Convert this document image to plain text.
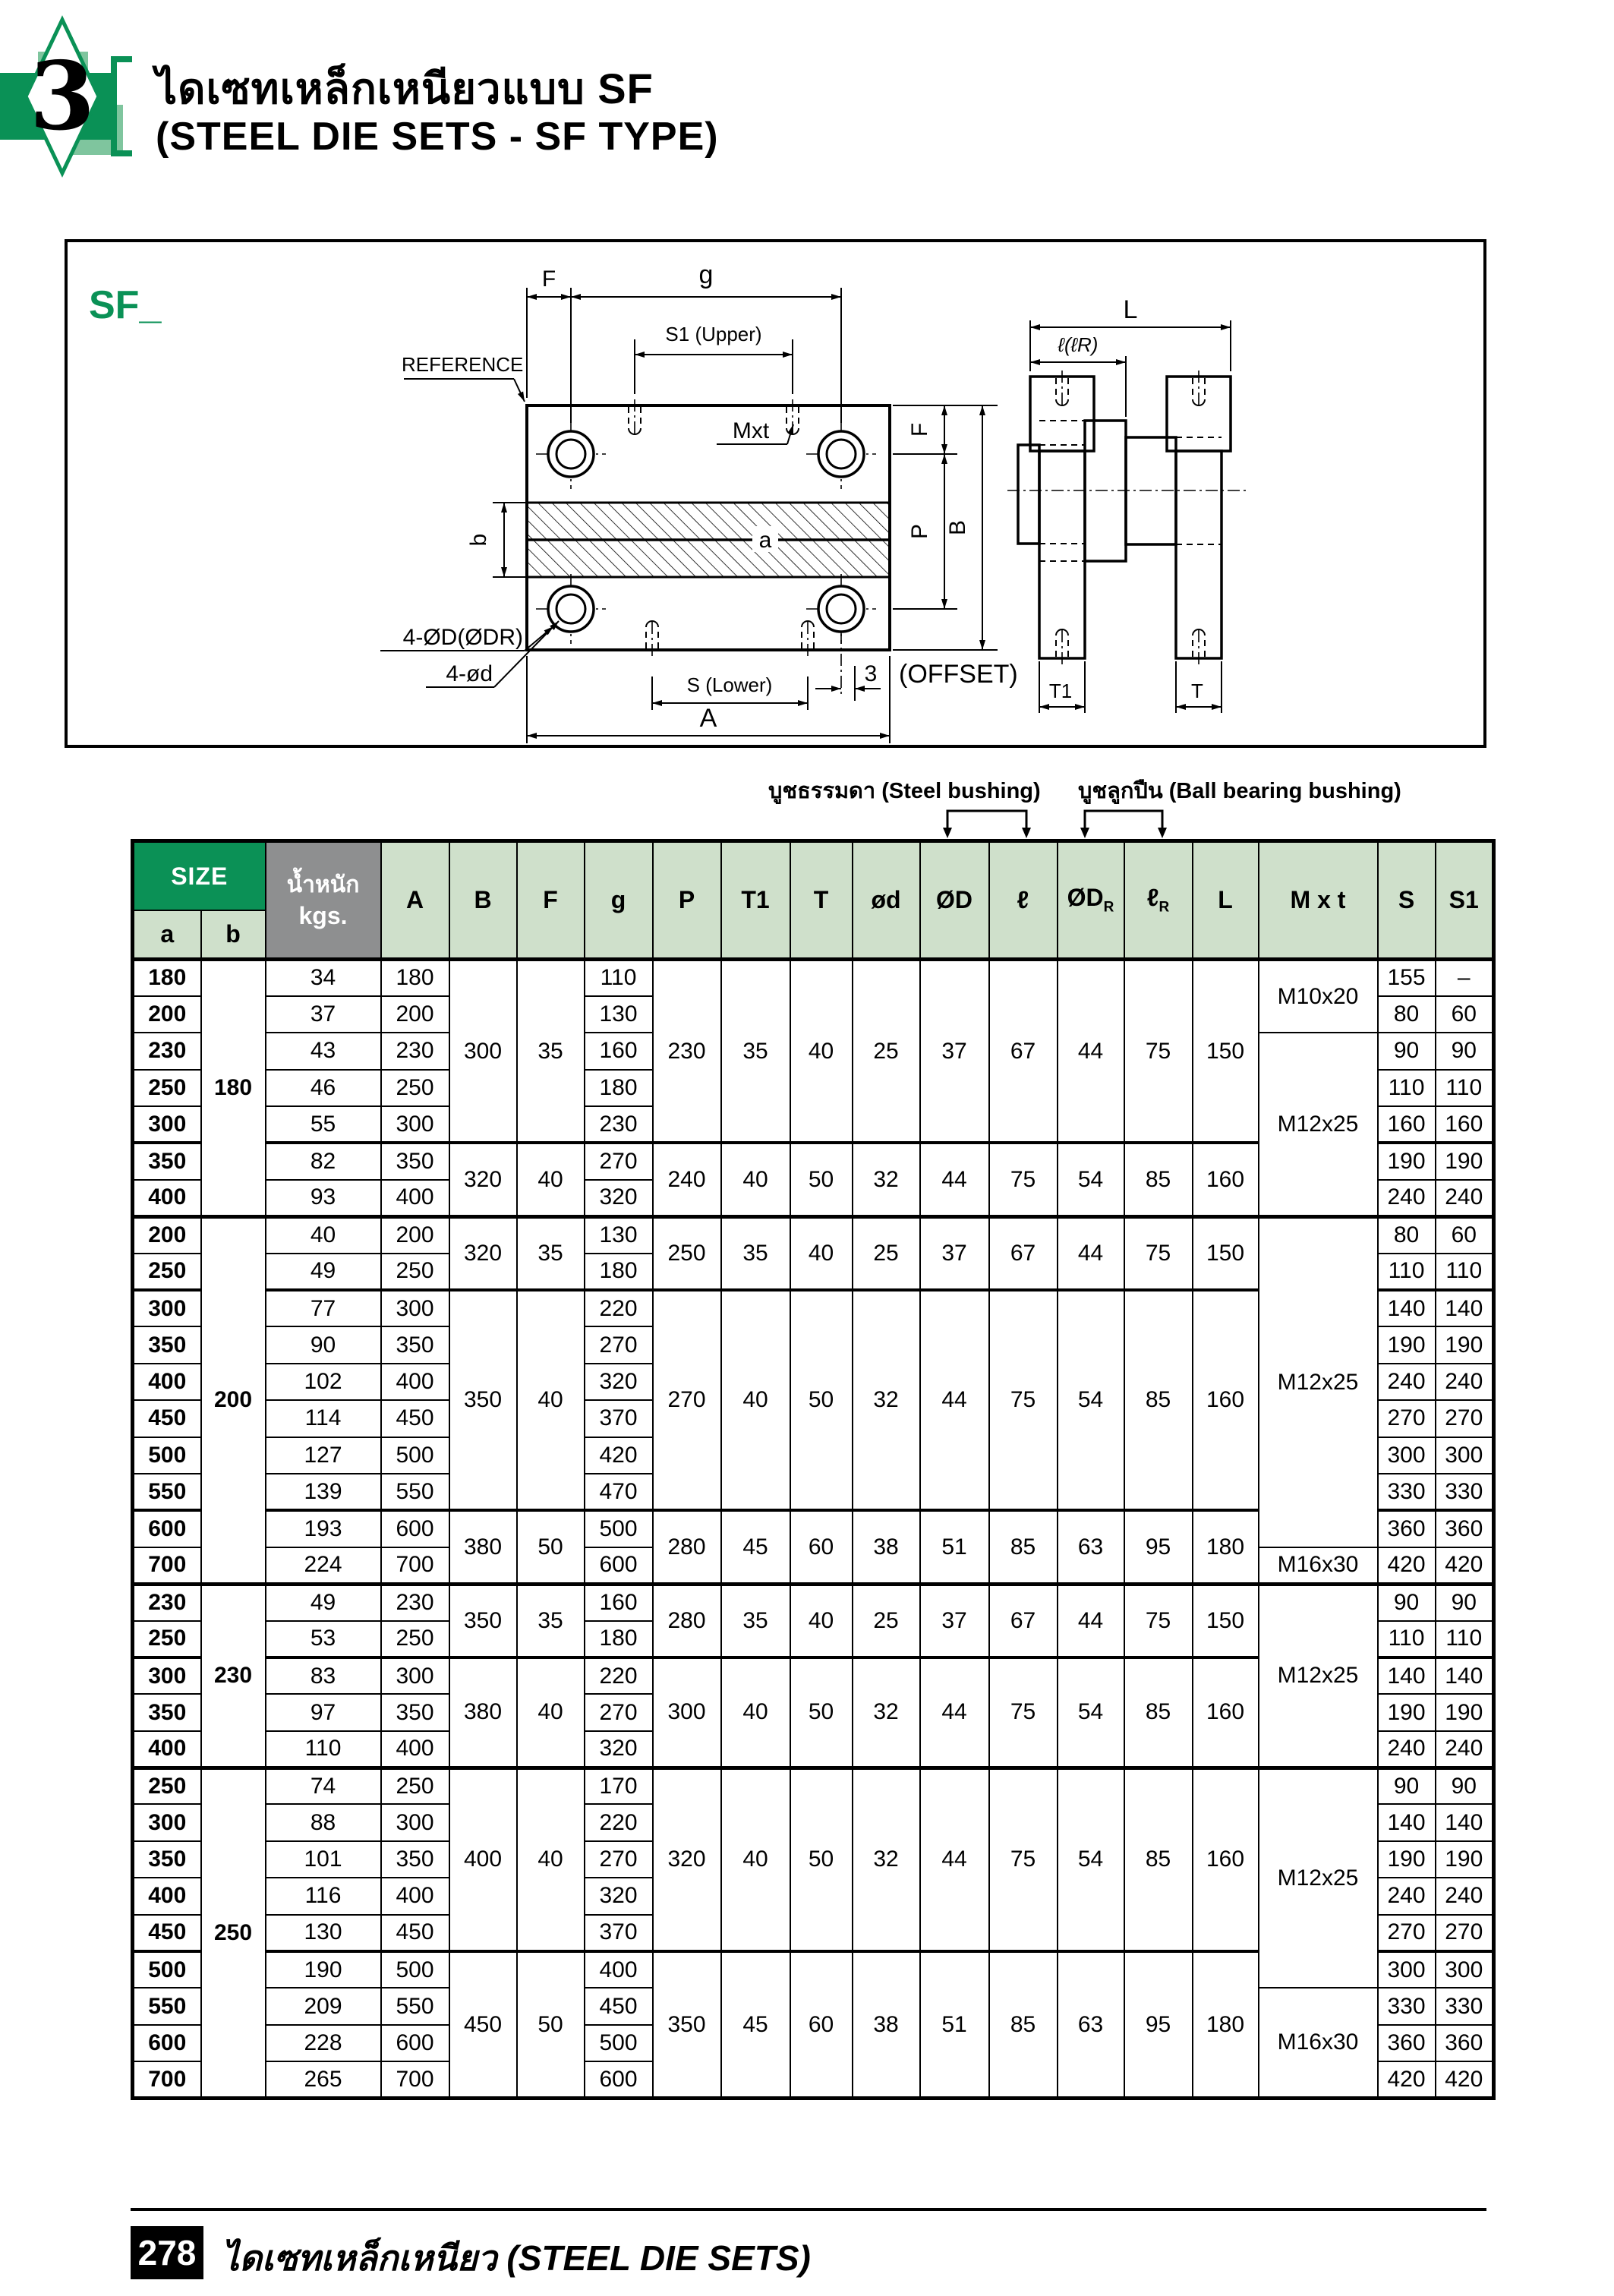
3 ไดเซทเหล็กเหนียวแบบ SF
(STEEL DIE SETS - SF TYPE)
SF_
F	g
S1 (Upper)
REFERENCE
Mxt
b	a
4-ØD(ØDR)
4-ød	S (Lower)
A
3 (OFFSET)
F
P B
L
ℓ(ℓR)
T1	T
บูชธรรมดา (Steel bushing) บูชลูกปืน (Ball bearing bushing)
SIZE		น้ำหนัก
kgs.	A	B	F	g	P	T1	T	ød	ØD	ℓ	$ØD_R$	ℓ$_R$	L	M x t	S	S1
a	b																	
180	180	34	180	300	35	110	230	35	40	25	37	67	44	75	150	M10x20	155	–
200		37	200			130											80	60
230		43	230			160										M12x25	90	90
250		46	250			180											110	110
300		55	300			230											160	160
350		82	350	320	40	270	240	40	50	32	44	75	54	85	160		190	190
400		93	400			320											240	240
200	200	40	200	320	35	130	250	35	40	25	37	67	44	75	150	M12x25	80	60
250		49	250			180											110	110
300		77	300	350	40	220	270	40	50	32	44	75	54	85	160		140	140
350		90	350			270											190	190
400		102	400			320											240	240
450		114	450			370											270	270
500		127	500			420											300	300
550		139	550			470											330	330
600		193	600	380	50	500	280	45	60	38	51	85	63	95	180		360	360
700		224	700			600										M16x30	420	420
230	230	49	230	350	35	160	280	35	40	25	37	67	44	75	150	M12x25	90	90
250		53	250			180											110	110
300		83	300	380	40	220	300	40	50	32	44	75	54	85	160		140	140
350		97	350			270											190	190
400		110	400			320											240	240
250	250	74	250	400	40	170	320	40	50	32	44	75	54	85	160	M12x25	90	90
300		88	300			220											140	140
350		101	350			270											190	190
400		116	400			320											240	240
450		130	450			370											270	270
500		190	500	450	50	400	350	45	60	38	51	85	63	95	180		300	300
550		209	550			450										M16x30	330	330
600		228	600			500											360	360
700		265	700			600											420	420
278 ไดเซทเหล็กเหนียว (STEEL DIE SETS)
